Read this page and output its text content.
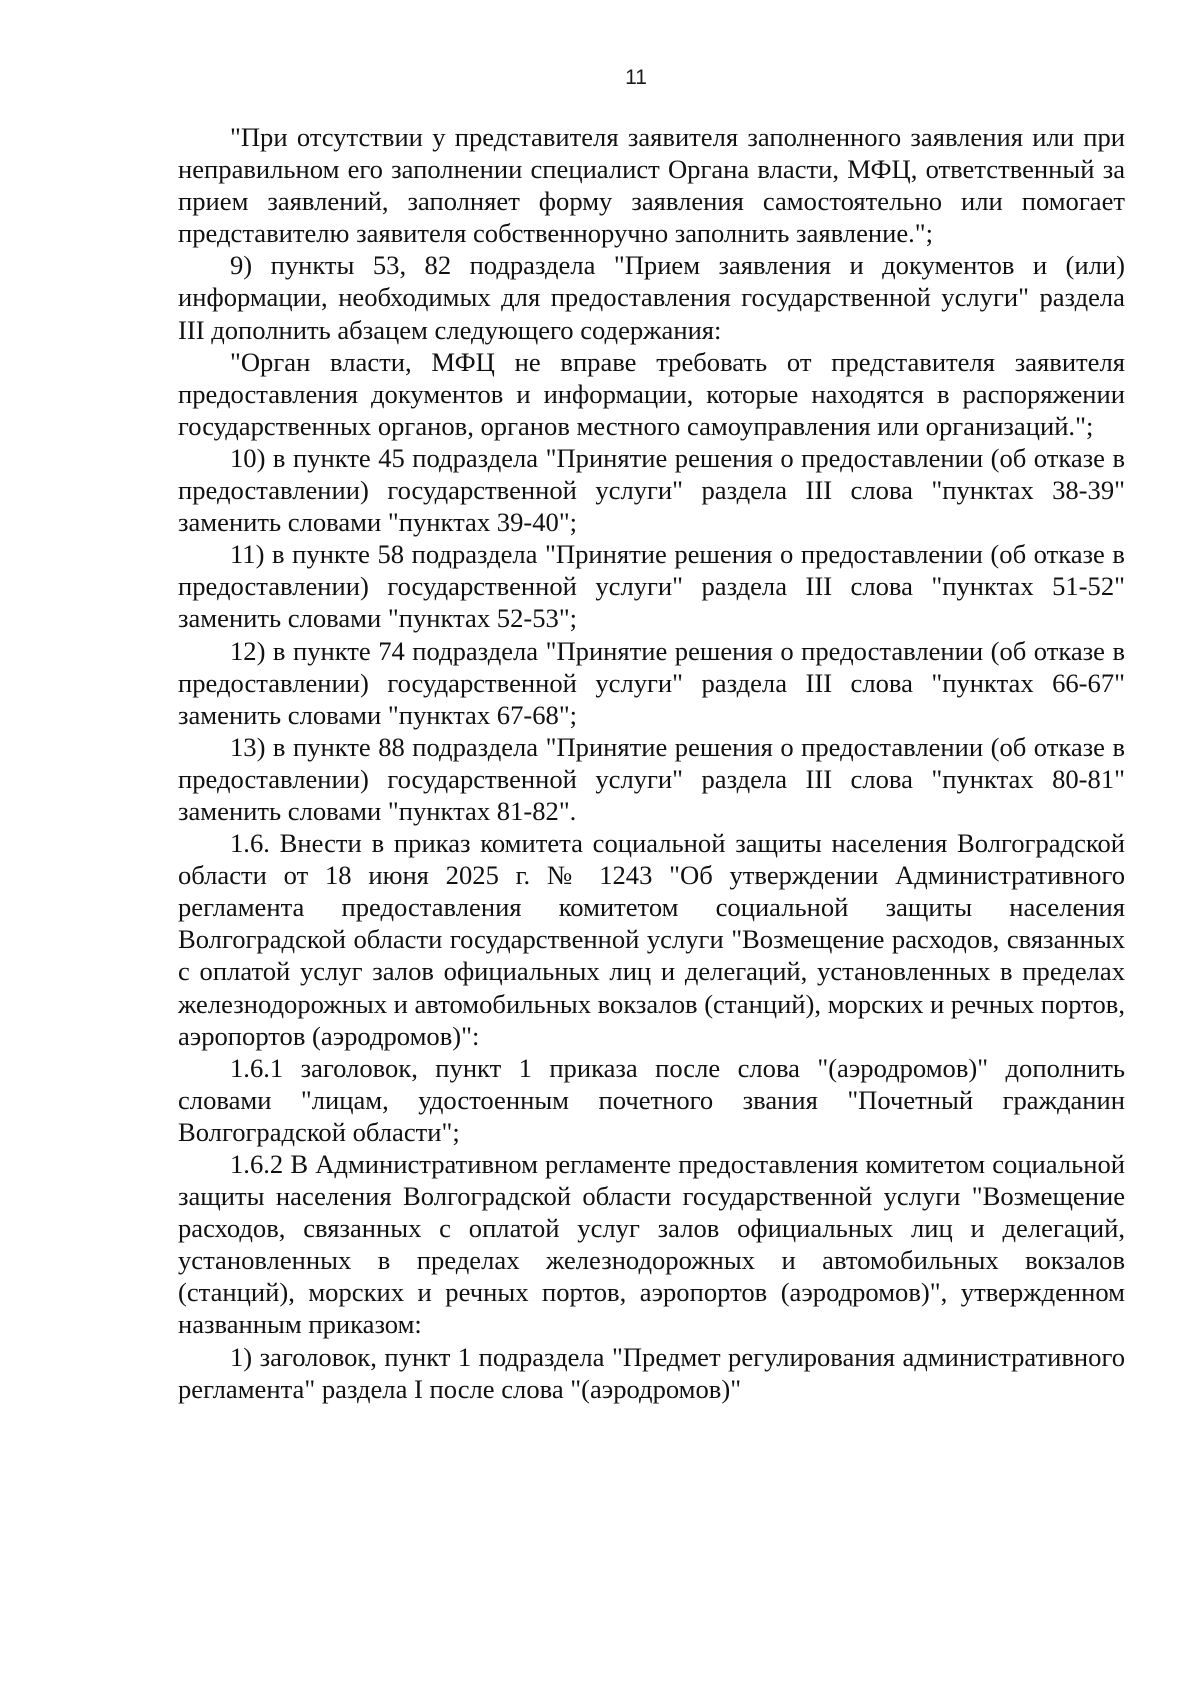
11

"При отсутствии у представителя заявителя заполненного заявления или при неправильном его заполнении специалист Органа власти, МФЦ, ответственный за прием заявлений, заполняет форму заявления самостоятельно или помогает представителю заявителя собственноручно заполнить заявление.";

9) пункты 53, 82 подраздела "Прием заявления и документов и (или) информации, необходимых для предоставления государственной услуги" раздела III дополнить абзацем следующего содержания:

"Орган власти, МФЦ не вправе требовать от представителя заявителя предоставления документов и информации, которые находятся в распоряжении государственных органов, органов местного самоуправления или организаций.";

10) в пункте 45 подраздела "Принятие решения о предоставлении (об отказе в предоставлении) государственной услуги" раздела III слова "пунктах 38-39" заменить словами "пунктах 39-40";

11) в пункте 58 подраздела "Принятие решения о предоставлении (об отказе в предоставлении) государственной услуги" раздела III слова "пунктах 51-52" заменить словами "пунктах 52-53";

12) в пункте 74 подраздела "Принятие решения о предоставлении (об отказе в предоставлении) государственной услуги" раздела III слова "пунктах 66-67" заменить словами "пунктах 67-68";

13) в пункте 88 подраздела "Принятие решения о предоставлении (об отказе в предоставлении) государственной услуги" раздела III слова "пунктах 80-81" заменить словами "пунктах 81-82".

1.6. Внести в приказ комитета социальной защиты населения Волгоградской области от 18 июня 2025 г. № 1243 "Об утверждении Административного регламента предоставления комитетом социальной защиты населения Волгоградской области государственной услуги "Возмещение расходов, связанных с оплатой услуг залов официальных лиц и делегаций, установленных в пределах железнодорожных и автомобильных вокзалов (станций), морских и речных портов, аэропортов (аэродромов)":

1.6.1 заголовок, пункт 1 приказа после слова "(аэродромов)" дополнить словами "лицам, удостоенным почетного звания "Почетный гражданин Волгоградской области";

1.6.2 В Административном регламенте предоставления комитетом социальной защиты населения Волгоградской области государственной услуги "Возмещение расходов, связанных с оплатой услуг залов официальных лиц и делегаций, установленных в пределах железнодорожных и автомобильных вокзалов (станций), морских и речных портов, аэропортов (аэродромов)", утвержденном названным приказом:

1) заголовок, пункт 1 подраздела "Предмет регулирования административного регламента" раздела I после слова "(аэродромов)"
